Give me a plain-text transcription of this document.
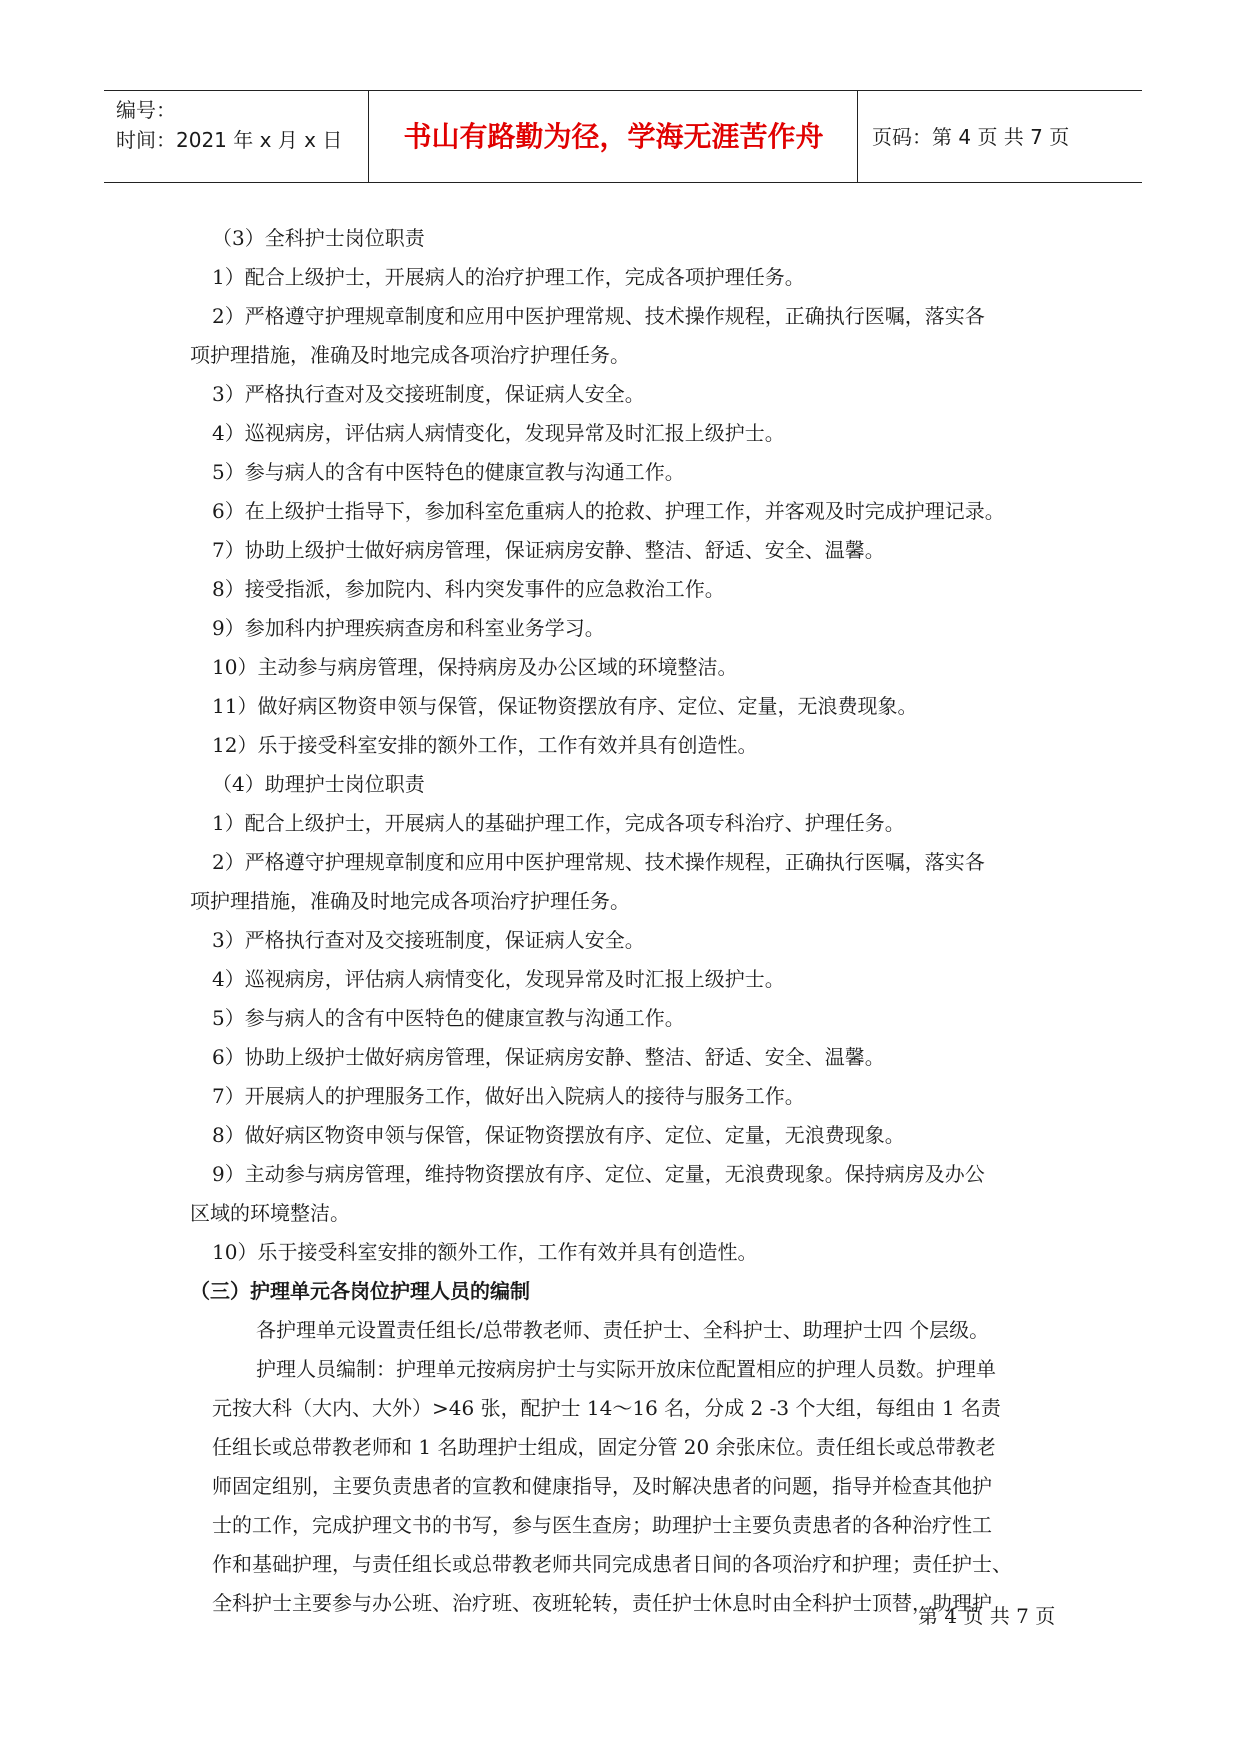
编号：
时间：2021 年 x 月 x 日	书山有路勤为径，学海无涯苦作舟	页码：第 4 页 共 7 页
（3）全科护士岗位职责
1）配合上级护士，开展病人的治疗护理工作，完成各项护理任务。
2）严格遵守护理规章制度和应用中医护理常规、技术操作规程，正确执行医嘱，落实各
项护理措施，准确及时地完成各项治疗护理任务。
3）严格执行查对及交接班制度，保证病人安全。
4）巡视病房，评估病人病情变化，发现异常及时汇报上级护士。
5）参与病人的含有中医特色的健康宣教与沟通工作。
6）在上级护士指导下，参加科室危重病人的抢救、护理工作，并客观及时完成护理记录。
7）协助上级护士做好病房管理，保证病房安静、整洁、舒适、安全、温馨。
8）接受指派，参加院内、科内突发事件的应急救治工作。
9）参加科内护理疾病查房和科室业务学习。
10）主动参与病房管理，保持病房及办公区域的环境整洁。
11）做好病区物资申领与保管，保证物资摆放有序、定位、定量，无浪费现象。
12）乐于接受科室安排的额外工作，工作有效并具有创造性。
（4）助理护士岗位职责
1）配合上级护士，开展病人的基础护理工作，完成各项专科治疗、护理任务。
2）严格遵守护理规章制度和应用中医护理常规、技术操作规程，正确执行医嘱，落实各
项护理措施，准确及时地完成各项治疗护理任务。
3）严格执行查对及交接班制度，保证病人安全。
4）巡视病房，评估病人病情变化，发现异常及时汇报上级护士。
5）参与病人的含有中医特色的健康宣教与沟通工作。
6）协助上级护士做好病房管理，保证病房安静、整洁、舒适、安全、温馨。
7）开展病人的护理服务工作，做好出入院病人的接待与服务工作。
8）做好病区物资申领与保管，保证物资摆放有序、定位、定量，无浪费现象。
9）主动参与病房管理，维持物资摆放有序、定位、定量，无浪费现象。保持病房及办公
区域的环境整洁。
10）乐于接受科室安排的额外工作，工作有效并具有创造性。
（三）护理单元各岗位护理人员的编制
各护理单元设置责任组长/总带教老师、责任护士、全科护士、助理护士四 个层级。
护理人员编制：护理单元按病房护士与实际开放床位配置相应的护理人员数。护理单
元按大科（大内、大外）>46 张，配护士 14～16 名，分成 2 -3 个大组，每组由 1 名责
任组长或总带教老师和 1 名助理护士组成，固定分管 20 余张床位。责任组长或总带教老
师固定组别，主要负责患者的宣教和健康指导，及时解决患者的问题，指导并检查其他护
士的工作，完成护理文书的书写，参与医生查房；助理护士主要负责患者的各种治疗性工
作和基础护理，与责任组长或总带教老师共同完成患者日间的各项治疗和护理；责任护士、
全科护士主要参与办公班、治疗班、夜班轮转，责任护士休息时由全科护士顶替，助理护
第 4 页 共 7 页
